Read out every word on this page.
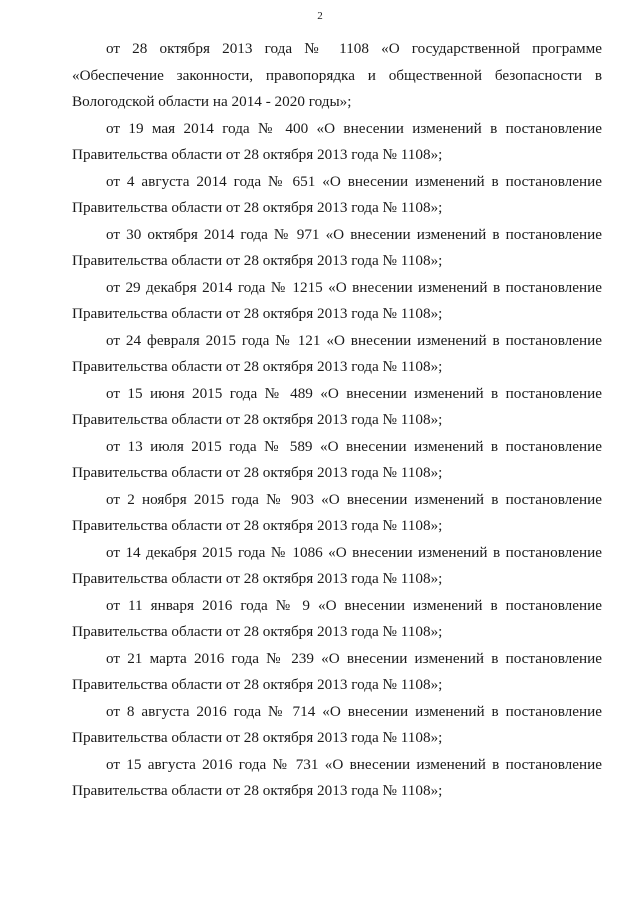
2

от 28 октября 2013 года № 1108 «О государственной программе «Обеспечение законности, правопорядка и общественной безопасности в Вологодской области на 2014 - 2020 годы»;

от 19 мая 2014 года № 400 «О внесении изменений в постановление Правительства области от 28 октября 2013 года № 1108»;

от 4 августа 2014 года № 651 «О внесении изменений в постановление Правительства области от 28 октября 2013 года № 1108»;

от 30 октября 2014 года № 971 «О внесении изменений в постановление Правительства области от 28 октября 2013 года № 1108»;

от 29 декабря 2014 года № 1215 «О внесении изменений в постановление Правительства области от 28 октября 2013 года № 1108»;

от 24 февраля 2015 года № 121 «О внесении изменений в постановление Правительства области от 28 октября 2013 года № 1108»;

от 15 июня 2015 года № 489 «О внесении изменений в постановление Правительства области от 28 октября 2013 года № 1108»;

от 13 июля 2015 года № 589 «О внесении изменений в постановление Правительства области от 28 октября 2013 года № 1108»;

от 2 ноября 2015 года № 903 «О внесении изменений в постановление Правительства области от 28 октября 2013 года № 1108»;

от 14 декабря 2015 года № 1086 «О внесении изменений в постановление Правительства области от 28 октября 2013 года № 1108»;

от 11 января 2016 года № 9 «О внесении изменений в постановление Правительства области от 28 октября 2013 года № 1108»;

от 21 марта 2016 года № 239 «О внесении изменений в постановление Правительства области от 28 октября 2013 года № 1108»;

от 8 августа 2016 года № 714 «О внесении изменений в постановление Правительства области от 28 октября 2013 года № 1108»;

от 15 августа 2016 года № 731 «О внесении изменений в постановление Правительства области от 28 октября 2013 года № 1108»;
